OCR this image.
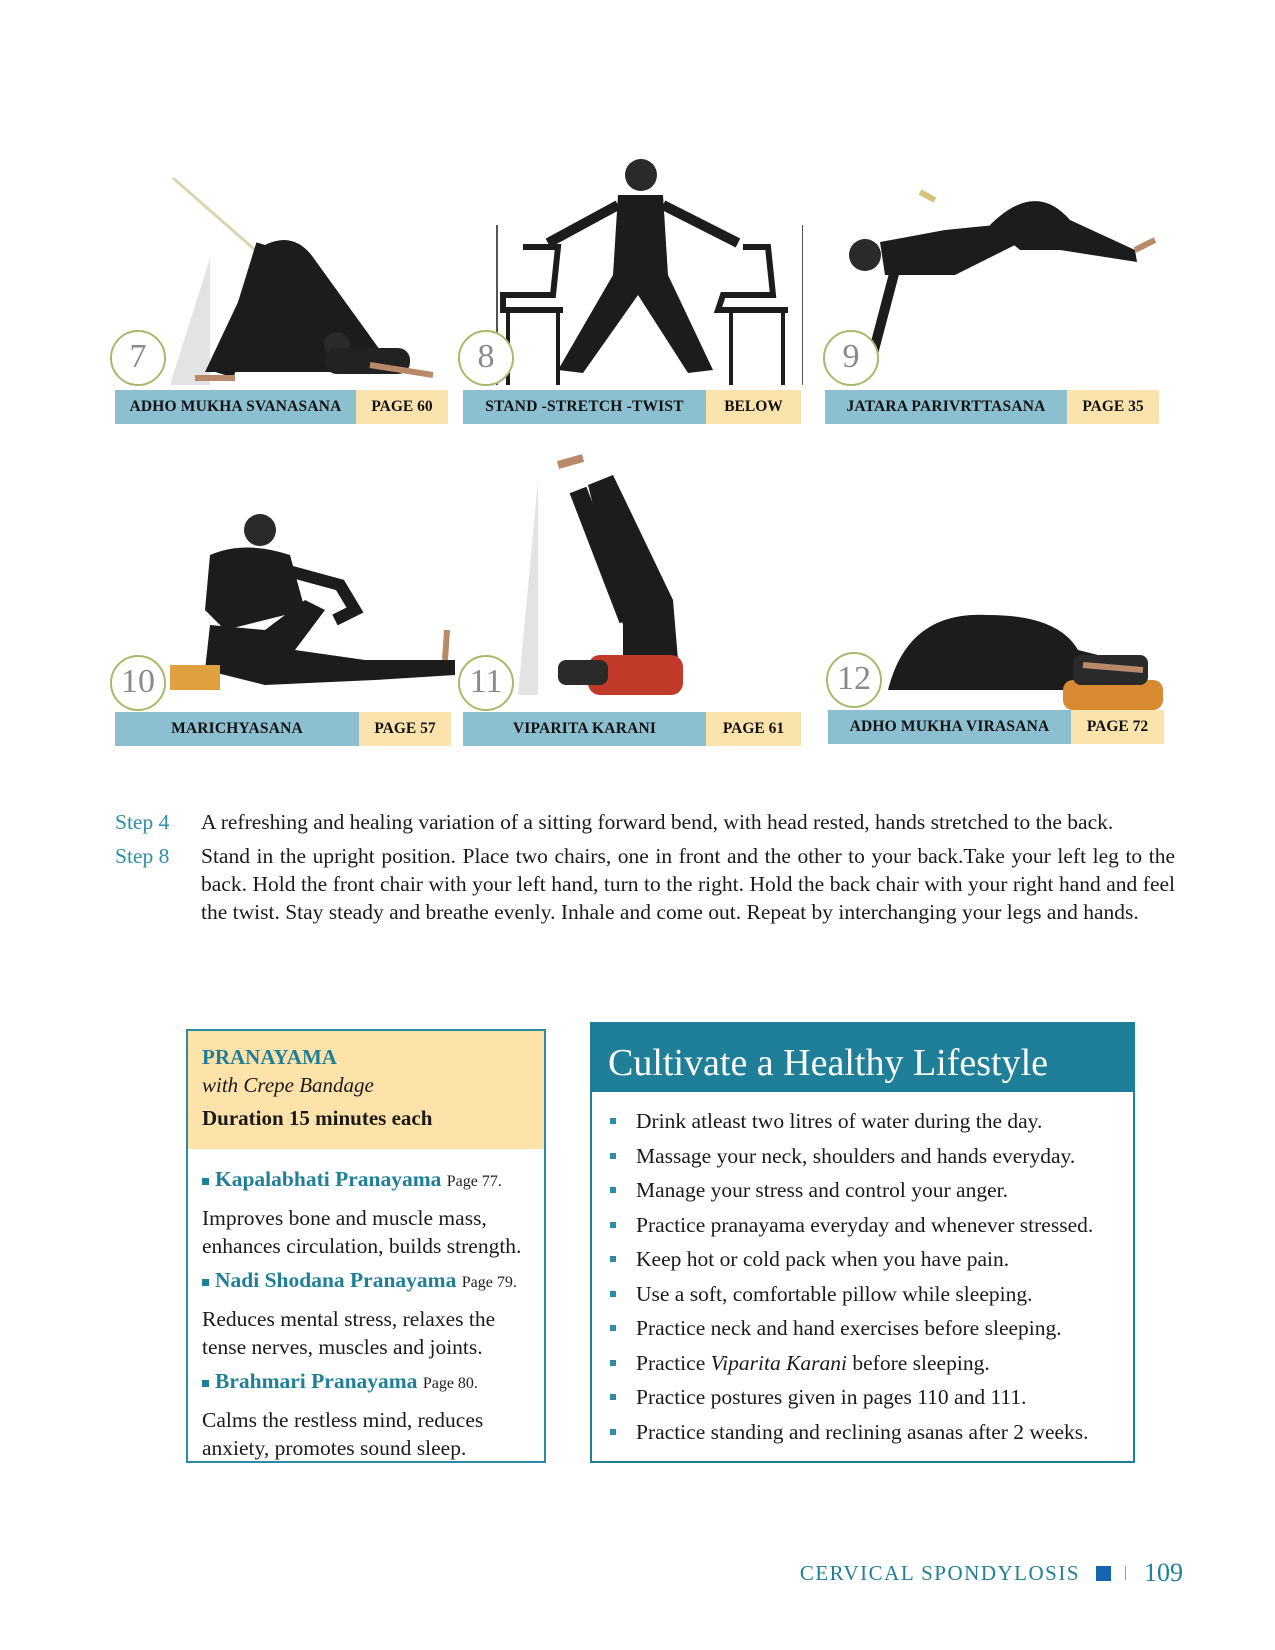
7
ADHO MUKHA SVANASANA	PAGE 60
8
STAND -STRETCH -TWIST	BELOW
9
JATARA PARIVRTTASANA	PAGE 35
10
MARICHYASANA	PAGE 57
11
VIPARITA KARANI	PAGE 61
12
ADHO MUKHA VIRASANA	PAGE 72
Step 4	A refreshing and healing variation of a sitting forward bend, with head rested, hands stretched to the back.
Step 8	Stand in the upright position. Place two chairs, one in front and the other to your back.Take your left leg to the back. Hold the front chair with your left hand, turn to the right. Hold the back chair with your right hand and feel the twist. Stay steady and breathe evenly. Inhale and come out. Repeat by interchanging your legs and hands.
PRANAYAMA
with Crepe Bandage
Duration 15 minutes each
Kapalabhati Pranayama Page 77.
Improves bone and muscle mass, enhances circulation, builds strength.
Nadi Shodana Pranayama Page 79.
Reduces mental stress, relaxes the tense nerves, muscles and joints.
Brahmari Pranayama Page 80.
Calms the restless mind, reduces anxiety, promotes sound sleep.
Cultivate a Healthy Lifestyle
Drink atleast two litres of water during the day.
Massage your neck, shoulders and hands everyday.
Manage your stress and control your anger.
Practice pranayama everyday and whenever stressed.
Keep hot or cold pack when you have pain.
Use a soft, comfortable pillow while sleeping.
Practice neck and hand exercises before sleeping.
Practice Viparita Karani before sleeping.
Practice postures given in pages 110 and 111.
Practice standing and reclining asanas after 2 weeks.
CERVICAL SPONDYLOSIS 109
